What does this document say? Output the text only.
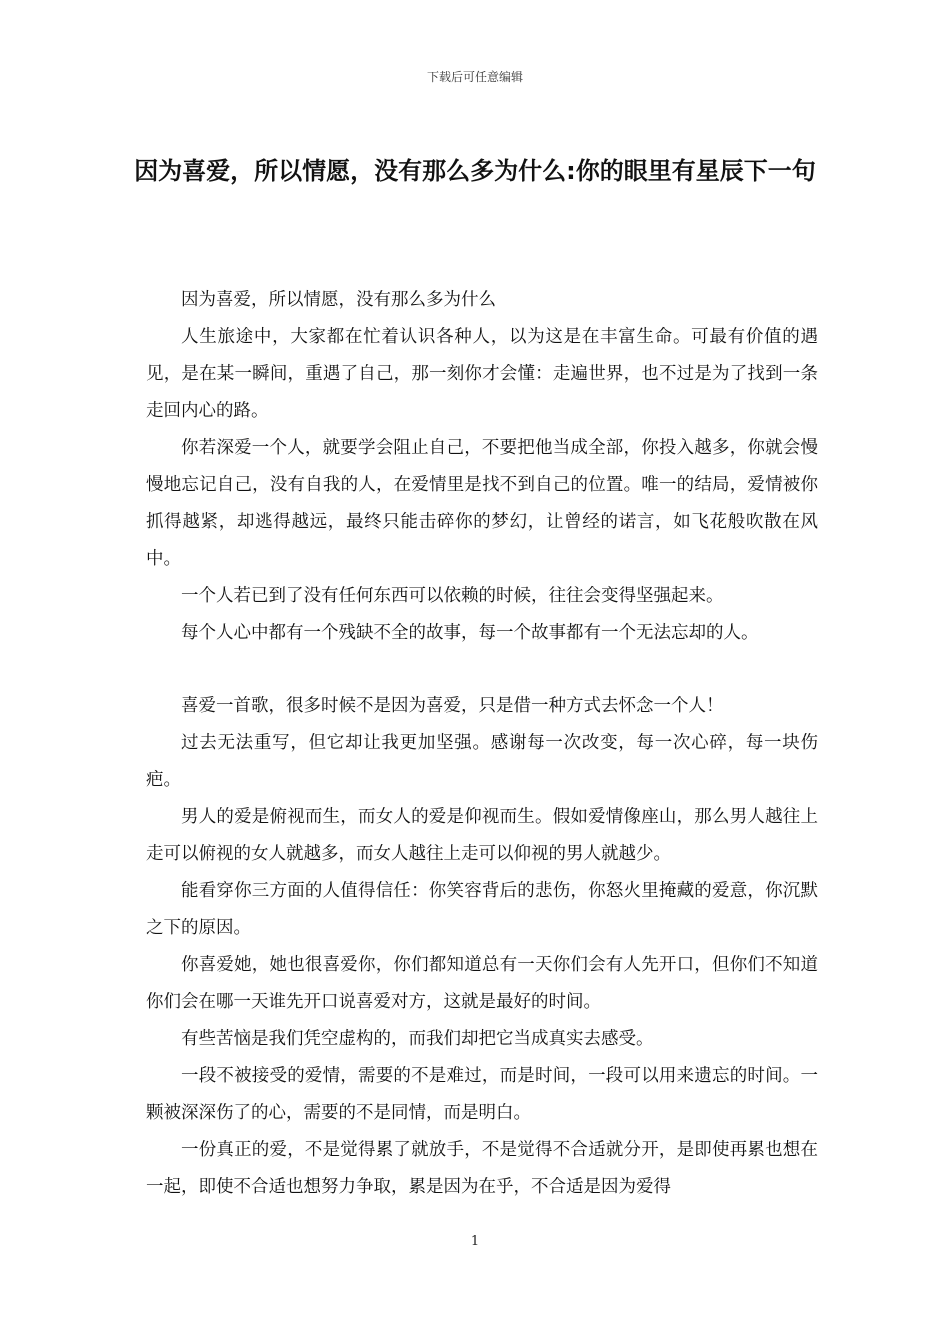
下载后可任意编辑
因为喜爱，所以情愿，没有那么多为什么:你的眼里有星辰下一句

因为喜爱，所以情愿，没有那么多为什么

人生旅途中，大家都在忙着认识各种人，以为这是在丰富生命。可最有价值的遇见，是在某一瞬间，重遇了自己，那一刻你才会懂：走遍世界，也不过是为了找到一条走回内心的路。

你若深爱一个人，就要学会阻止自己，不要把他当成全部，你投入越多，你就会慢慢地忘记自己，没有自我的人，在爱情里是找不到自己的位置。唯一的结局，爱情被你抓得越紧，却逃得越远，最终只能击碎你的梦幻，让曾经的诺言，如飞花般吹散在风中。

一个人若已到了没有任何东西可以依赖的时候，往往会变得坚强起来。

每个人心中都有一个残缺不全的故事，每一个故事都有一个无法忘却的人。

喜爱一首歌，很多时候不是因为喜爱，只是借一种方式去怀念一个人！

过去无法重写，但它却让我更加坚强。感谢每一次改变，每一次心碎，每一块伤疤。

男人的爱是俯视而生，而女人的爱是仰视而生。假如爱情像座山，那么男人越往上走可以俯视的女人就越多，而女人越往上走可以仰视的男人就越少。

能看穿你三方面的人值得信任：你笑容背后的悲伤，你怒火里掩藏的爱意，你沉默之下的原因。

你喜爱她，她也很喜爱你，你们都知道总有一天你们会有人先开口，但你们不知道你们会在哪一天谁先开口说喜爱对方，这就是最好的时间。

有些苦恼是我们凭空虚构的，而我们却把它当成真实去感受。

一段不被接受的爱情，需要的不是难过，而是时间，一段可以用来遗忘的时间。一颗被深深伤了的心，需要的不是同情，而是明白。

一份真正的爱，不是觉得累了就放手，不是觉得不合适就分开，是即使再累也想在一起，即使不合适也想努力争取，累是因为在乎，不合适是因为爱得

1
